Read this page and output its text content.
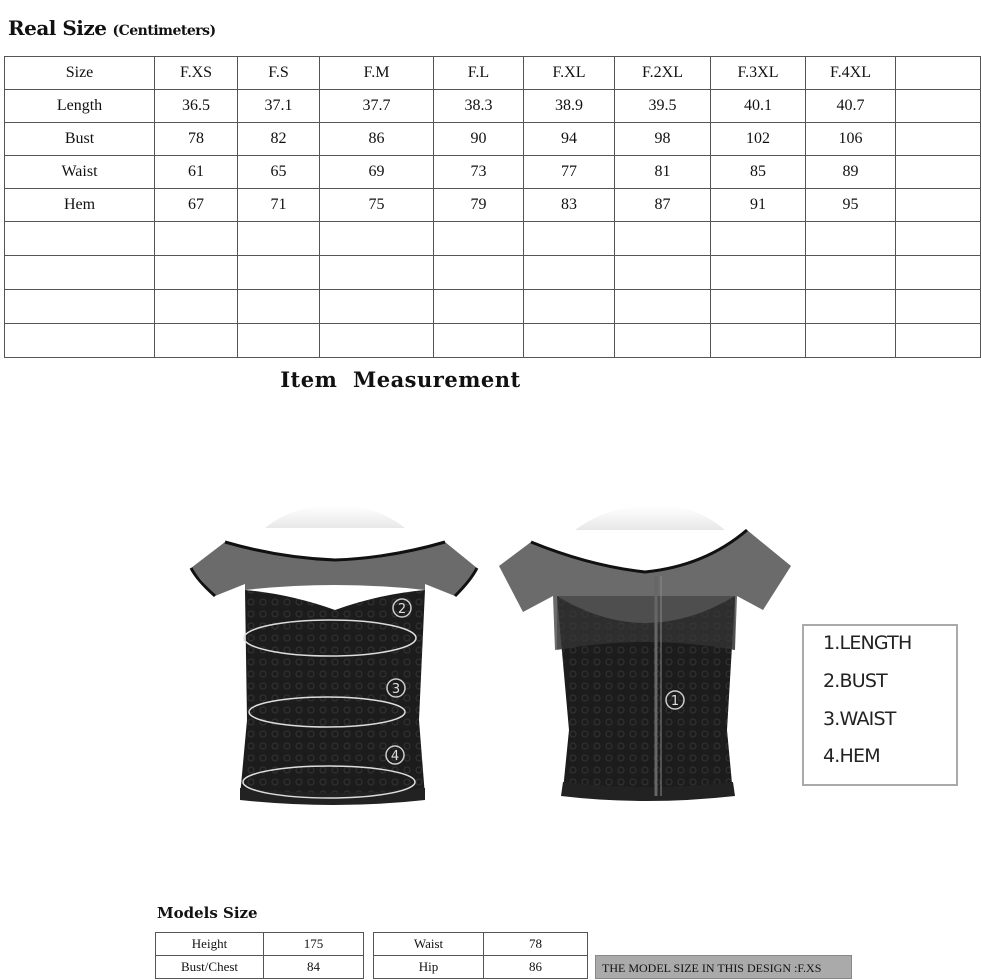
Real Size (Centimeters)
Size	F.XS	F.S	F.M	F.L	F.XL	F.2XL	F.3XL	F.4XL	
Length	36.5	37.1	37.7	38.3	38.9	39.5	40.1	40.7	
Bust	78	82	86	90	94	98	102	106	
Waist	61	65	69	73	77	81	85	89	
Hem	67	71	75	79	83	87	91	95	

Item  Measurement
2
3
4
1
1.LENGTH
2.BUST
3.WAIST
4.HEM
Models Size
Height	175
Bust/Chest	84
Waist	78
Hip	86	THE MODEL SIZE IN THIS DESIGN :F.XS
